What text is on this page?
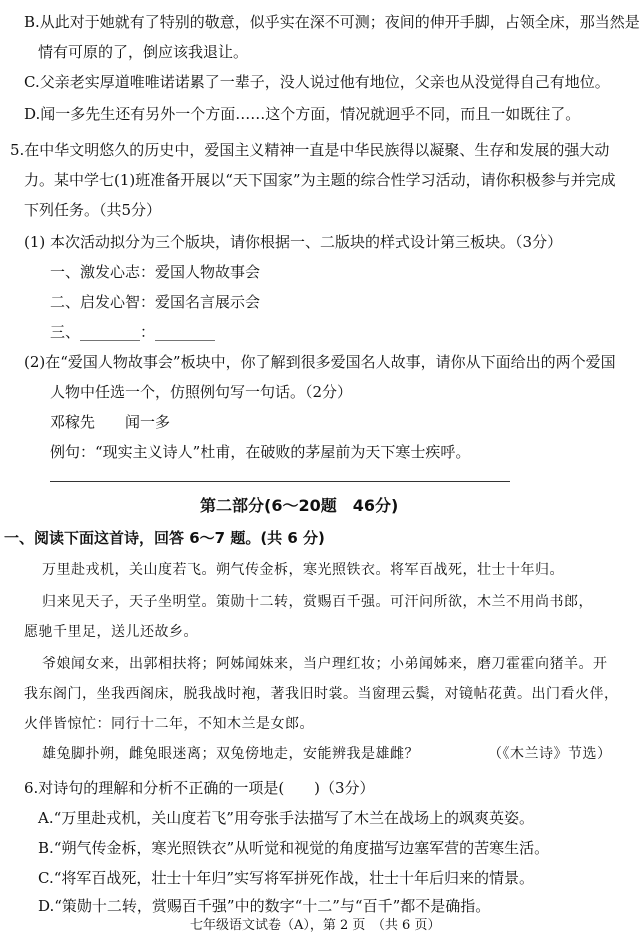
B.从此对于她就有了特别的敬意，似乎实在深不可测；夜间的伸开手脚，占领全床，那当然是
情有可原的了，倒应该我退让。
C.父亲老实厚道唯唯诺诺累了一辈子，没人说过他有地位，父亲也从没觉得自己有地位。
D.闻一多先生还有另外一个方面……这个方面，情况就迥乎不同，而且一如既往了。
5.在中华文明悠久的历史中，爱国主义精神一直是中华民族得以凝聚、生存和发展的强大动
力。某中学七(1)班准备开展以“天下国家”为主题的综合性学习活动，请你积极参与并完成
下列任务。（共5分）
(1) 本次活动拟分为三个版块，请你根据一、二版块的样式设计第三板块。（3分）
一、激发心志：爱国人物故事会
二、启发心智：爱国名言展示会
三、________：________
(2)在“爱国人物故事会”板块中，你了解到很多爱国名人故事，请你从下面给出的两个爱国
人物中任选一个，仿照例句写一句话。（2分）
邓稼先　　闻一多
例句：“现实主义诗人”杜甫，在破败的茅屋前为天下寒士疾呼。
第二部分(6～20题　46分)
一、阅读下面这首诗，回答 6～7 题。(共 6 分)
万里赴戎机，关山度若飞。朔气传金柝，寒光照铁衣。将军百战死，壮士十年归。
归来见天子，天子坐明堂。策勋十二转，赏赐百千强。可汗问所欲，木兰不用尚书郎，
愿驰千里足，送儿还故乡。
爷娘闻女来，出郭相扶将；阿姊闻妹来，当户理红妆；小弟闻姊来，磨刀霍霍向猪羊。开
我东阁门，坐我西阁床，脱我战时袍，著我旧时裳。当窗理云鬓，对镜帖花黄。出门看火伴，
火伴皆惊忙：同行十二年，不知木兰是女郎。
雄兔脚扑朔，雌兔眼迷离；双兔傍地走，安能辨我是雄雌？	（《木兰诗》节选）
6.对诗句的理解和分析不正确的一项是(　　)（3分）
A.“万里赴戎机，关山度若飞”用夸张手法描写了木兰在战场上的飒爽英姿。
B.“朔气传金柝，寒光照铁衣”从听觉和视觉的角度描写边塞军营的苦寒生活。
C.“将军百战死，壮士十年归”实写将军拼死作战，壮士十年后归来的情景。
D.“策勋十二转，赏赐百千强”中的数字“十二”与“百千”都不是确指。
七年级语文试卷（A），第 2 页　（共 6 页）
